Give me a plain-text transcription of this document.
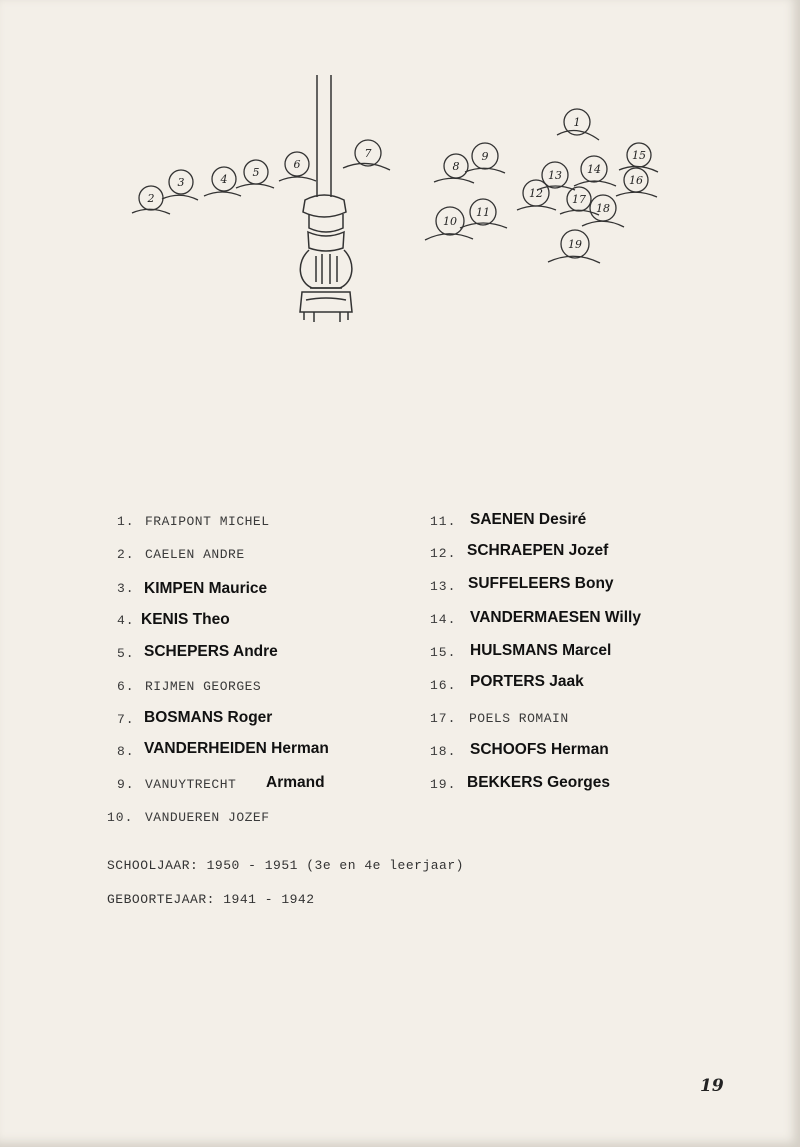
1
2
3	4
5
6
7
8
9
10
11
12
13 14
15
16
17
18
19
1. FRAIPONT MICHEL
2. CAELEN ANDRE
3. KIMPEN Maurice
4. KENIS Theo
5. SCHEPERS Andre
6. RIJMEN GEORGES
7. BOSMANS Roger
8. VANDERHEIDEN Herman
9. VANUYTRECHT Armand
10. VANDUEREN JOZEF
11. SAENEN Desiré
12. SCHRAEPEN Jozef
13. SUFFELEERS Bony
14. VANDERMAESEN Willy
15. HULSMANS Marcel
16. PORTERS Jaak
17. POELS ROMAIN
18. SCHOOFS Herman
19. BEKKERS Georges
SCHOOLJAAR: 1950 - 1951 (3e en 4e leerjaar)
GEBOORTEJAAR: 1941 - 1942
19
